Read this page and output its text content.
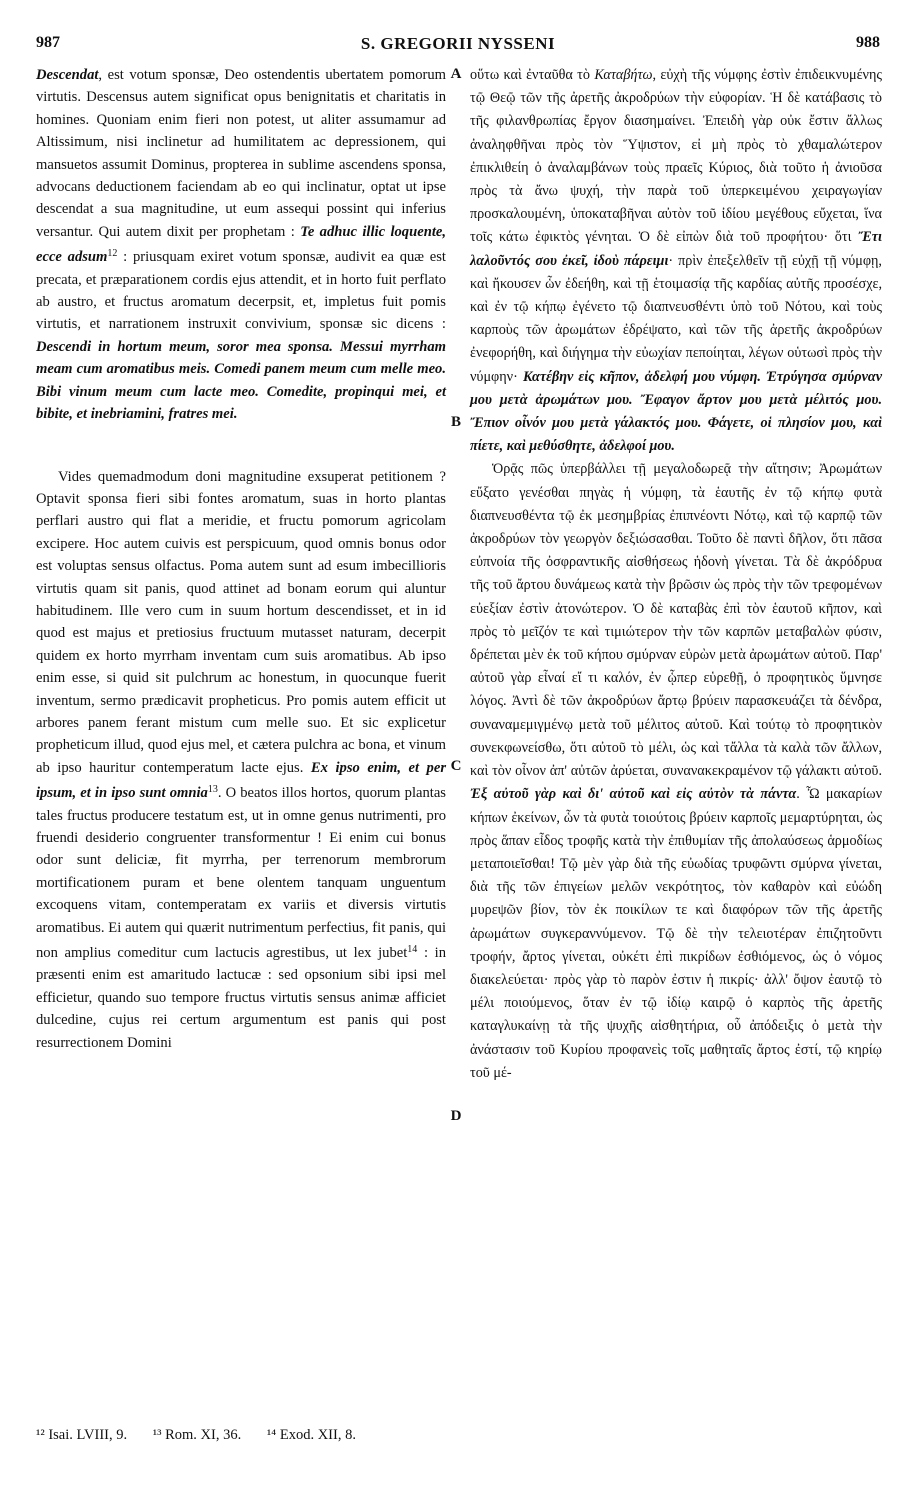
987	S. GREGORII NYSSENI	988

Descendat, est votum sponsæ, Deo ostendentis ubertatem pomorum virtutis. Descensus autem significat opus benignitatis et charitatis in homines. Quoniam enim fieri non potest, ut aliter assumamur ad Altissimum, nisi inclinetur ad humilitatem ac depressionem, qui mansuetos assumit Dominus, propterea in sublime ascendens sponsa, advocans deductionem faciendam ab eo qui inclinatur, optat ut ipse descendat a sua magnitudine, ut eum assequi possint qui inferius versantur. Qui autem dixit per prophetam : Te adhuc illic loquente, ecce adsum$^{12}$ : priusquam exiret votum sponsæ, audivit ea quæ est precata, et præparationem cordis ejus attendit, et in horto fuit perflato ab austro, et fructus aromatum decerpsit, et, impletus fuit pomis virtutis, et narrationem instruxit convivium, sponsæ sic dicens : Descendi in hortum meum, soror mea sponsa. Messui myrrham meam cum aromatibus meis. Comedi panem meum cum melle meo. Bibi vinum meum cum lacte meo. Comedite, propinqui mei, et bibite, et inebriamini, fratres mei.

Vides quemadmodum doni magnitudine exsuperat petitionem ? Optavit sponsa fieri sibi fontes aromatum, suas in horto plantas perflari austro qui flat a meridie, et fructu pomorum agricolam excipere. Hoc autem cuivis est perspicuum, quod omnis bonus odor est voluptas sensus olfactus. Poma autem sunt ad esum imbecillioris virtutis quam sit panis, quod attinet ad bonam eorum qui aluntur habitudinem. Ille vero cum in suum hortum descendisset, et in id quod est majus et pretiosius fructuum mutasset naturam, decerpit quidem ex horto myrrham inventam cum suis aromatibus. Ab ipso enim esse, si quid sit pulchrum ac honestum, in quocunque fuerit inventum, sermo prædicavit propheticus. Pro pomis autem efficit ut arbores panem ferant mistum cum melle suo. Et sic explicetur propheticum illud, quod ejus mel, et cætera pulchra ac bona, et vinum ab ipso hauritur contemperatum lacte ejus. Ex ipso enim, et per ipsum, et in ipso sunt omnia$^{13}$. O beatos illos hortos, quorum plantas tales fructus producere testatum est, ut in omne genus nutrimenti, pro fruendi desiderio congruenter transformentur ! Ei enim cui bonus odor sunt deliciæ, fit myrrha, per terrenorum membrorum mortificationem puram et bene olentem tanquam unguentum excoquens vitam, contemperatam ex variis et diversis virtutis aromatibus. Ei autem qui quærit nutrimentum perfectius, fit panis, qui non amplius comeditur cum lactucis agrestibus, ut lex jubet$^{14}$ : in præsenti enim est amaritudo lactucæ : sed opsonium sibi ipsi mel efficietur, quando suo tempore fructus virtutis sensus animæ afficiet dulcedine, cujus rei certum argumentum est panis qui post resurrectionem Domini

A
B
C
D

οὕτω καὶ ἐνταῦθα τὸ Καταβήτω, εὐχὴ τῆς νύμφης ἐστὶν ἐπιδεικνυμένης τῷ Θεῷ τῶν τῆς ἀρετῆς ἀκροδρύων τὴν εὐφορίαν. Ἡ δὲ κατάβασις τὸ τῆς φιλανθρωπίας ἔργον διασημαίνει. Ἐπειδὴ γὰρ οὐκ ἔστιν ἄλλως ἀναληφθῆναι πρὸς τὸν Ὕψιστον, εἰ μὴ πρὸς τὸ χθαμαλώτερον ἐπικλιθείη ὁ ἀναλαμβάνων τοὺς πραεῖς Κύριος, διὰ τοῦτο ἡ ἀνιοῦσα πρὸς τὰ ἄνω ψυχή, τὴν παρὰ τοῦ ὑπερκειμένου χειραγωγίαν προσκαλουμένη, ὑποκαταβῆναι αὐτὸν τοῦ ἰδίου μεγέθους εὔχεται, ἵνα τοῖς κάτω ἐφικτὸς γένηται. Ὁ δὲ εἰπὼν διὰ τοῦ προφήτου· ὅτι Ἔτι λαλοῦντός σου ἐκεῖ, ἰδοὺ πάρειμι· πρὶν ἐπεξελθεῖν τῇ εὐχῇ τῇ νύμφῃ, καὶ ἤκουσεν ὧν ἐδεήθη, καὶ τῇ ἑτοιμασίᾳ τῆς καρδίας αὐτῆς προσέσχε, καὶ ἐν τῷ κήπῳ ἐγένετο τῷ διαπνευσθέντι ὑπὸ τοῦ Νότου, καὶ τοὺς καρποὺς τῶν ἀρωμάτων ἐδρέψατο, καὶ τῶν τῆς ἀρετῆς ἀκροδρύων ἐνεφορήθη, καὶ διήγημα τὴν εὐωχίαν πεποίηται, λέγων οὑτωσὶ πρὸς τὴν νύμφην· Κατέβην εἰς κῆπον, ἀδελφή μου νύμφη. Ἐτρύγησα σμύρναν μου μετὰ ἀρωμάτων μου. Ἔφαγον ἄρτον μου μετὰ μέλιτός μου. Ἔπιον οἶνόν μου μετὰ γάλακτός μου. Φάγετε, οἱ πλησίον μου, καὶ πίετε, καὶ μεθύσθητε, ἀδελφοί μου.

Ὁρᾷς πῶς ὑπερβάλλει τῇ μεγαλοδωρεᾷ τὴν αἴτησιν; Ἀρωμάτων εὔξατο γενέσθαι πηγὰς ἡ νύμφη, τὰ ἑαυτῆς ἐν τῷ κήπῳ φυτὰ διαπνευσθέντα τῷ ἐκ μεσημβρίας ἐπιπνέοντι Νότῳ, καὶ τῷ καρπῷ τῶν ἀκροδρύων τὸν γεωργὸν δεξιώσασθαι. Τοῦτο δὲ παντὶ δῆλον, ὅτι πᾶσα εὐπνοία τῆς ὀσφραντικῆς αἰσθήσεως ἡδονὴ γίνεται. Τὰ δὲ ἀκρόδρυα τῆς τοῦ ἄρτου δυνάμεως κατὰ τὴν βρῶσιν ὡς πρὸς τὴν τῶν τρεφομένων εὐεξίαν ἐστὶν ἀτονώτερον. Ὁ δὲ καταβὰς ἐπὶ τὸν ἑαυτοῦ κῆπον, καὶ πρὸς τὸ μεῖζόν τε καὶ τιμιώτερον τὴν τῶν καρπῶν μεταβαλὼν φύσιν, δρέπεται μὲν ἐκ τοῦ κήπου σμύρναν εὑρὼν μετὰ ἀρωμάτων αὐτοῦ. Παρ' αὐτοῦ γὰρ εἶναί εἴ τι καλόν, ἐν ᾧπερ εὑρεθῇ, ὁ προφητικὸς ὕμνησε λόγος. Ἀντὶ δὲ τῶν ἀκροδρύων ἄρτῳ βρύειν παρασκευάζει τὰ δένδρα, συναναμεμιγμένῳ μετὰ τοῦ μέλιτος αὐτοῦ. Καὶ τούτῳ τὸ προφητικὸν συνεκφωνείσθω, ὅτι αὐτοῦ τὸ μέλι, ὡς καὶ τἄλλα τὰ καλὰ τῶν ἄλλων, καὶ τὸν οἶνον ἀπ' αὐτῶν ἀρύεται, συνανακεκραμένον τῷ γάλακτι αὐτοῦ. Ἐξ αὐτοῦ γὰρ καὶ δι' αὐτοῦ καὶ εἰς αὐτὸν τὰ πάντα. Ὦ μακαρίων κήπων ἐκείνων, ὧν τὰ φυτὰ τοιούτοις βρύειν καρποῖς μεμαρτύρηται, ὡς πρὸς ἅπαν εἶδος τροφῆς κατὰ τὴν ἐπιθυμίαν τῆς ἀπολαύσεως ἁρμοδίως μεταποιεῖσθαι! Τῷ μὲν γὰρ διὰ τῆς εὐωδίας τρυφῶντι σμύρνα γίνεται, διὰ τῆς τῶν ἐπιγείων μελῶν νεκρότητος, τὸν καθαρὸν καὶ εὐώδη μυρεψῶν βίον, τὸν ἐκ ποικίλων τε καὶ διαφόρων τῶν τῆς ἀρετῆς ἀρωμάτων συγκεραννύμενον. Τῷ δὲ τὴν τελειοτέραν ἐπιζητοῦντι τροφήν, ἄρτος γίνεται, οὐκέτι ἐπὶ πικρίδων ἐσθιόμενος, ὡς ὁ νόμος διακελεύεται· πρὸς γὰρ τὸ παρὸν ἐστιν ἡ πικρίς· ἀλλ' ὄψον ἑαυτῷ τὸ μέλι ποιούμενος, ὅταν ἐν τῷ ἰδίῳ καιρῷ ὁ καρπὸς τῆς ἀρετῆς καταγλυκαίνῃ τὰ τῆς ψυχῆς αἰσθητήρια, οὗ ἀπόδειξις ὁ μετὰ τὴν ἀνάστασιν τοῦ Κυρίου προφανεὶς τοῖς μαθηταῖς ἄρτος ἐστί, τῷ κηρίῳ τοῦ μέ-

¹² Isai. LVIII, 9. ¹³ Rom. XI, 36. ¹⁴ Exod. XII, 8.
